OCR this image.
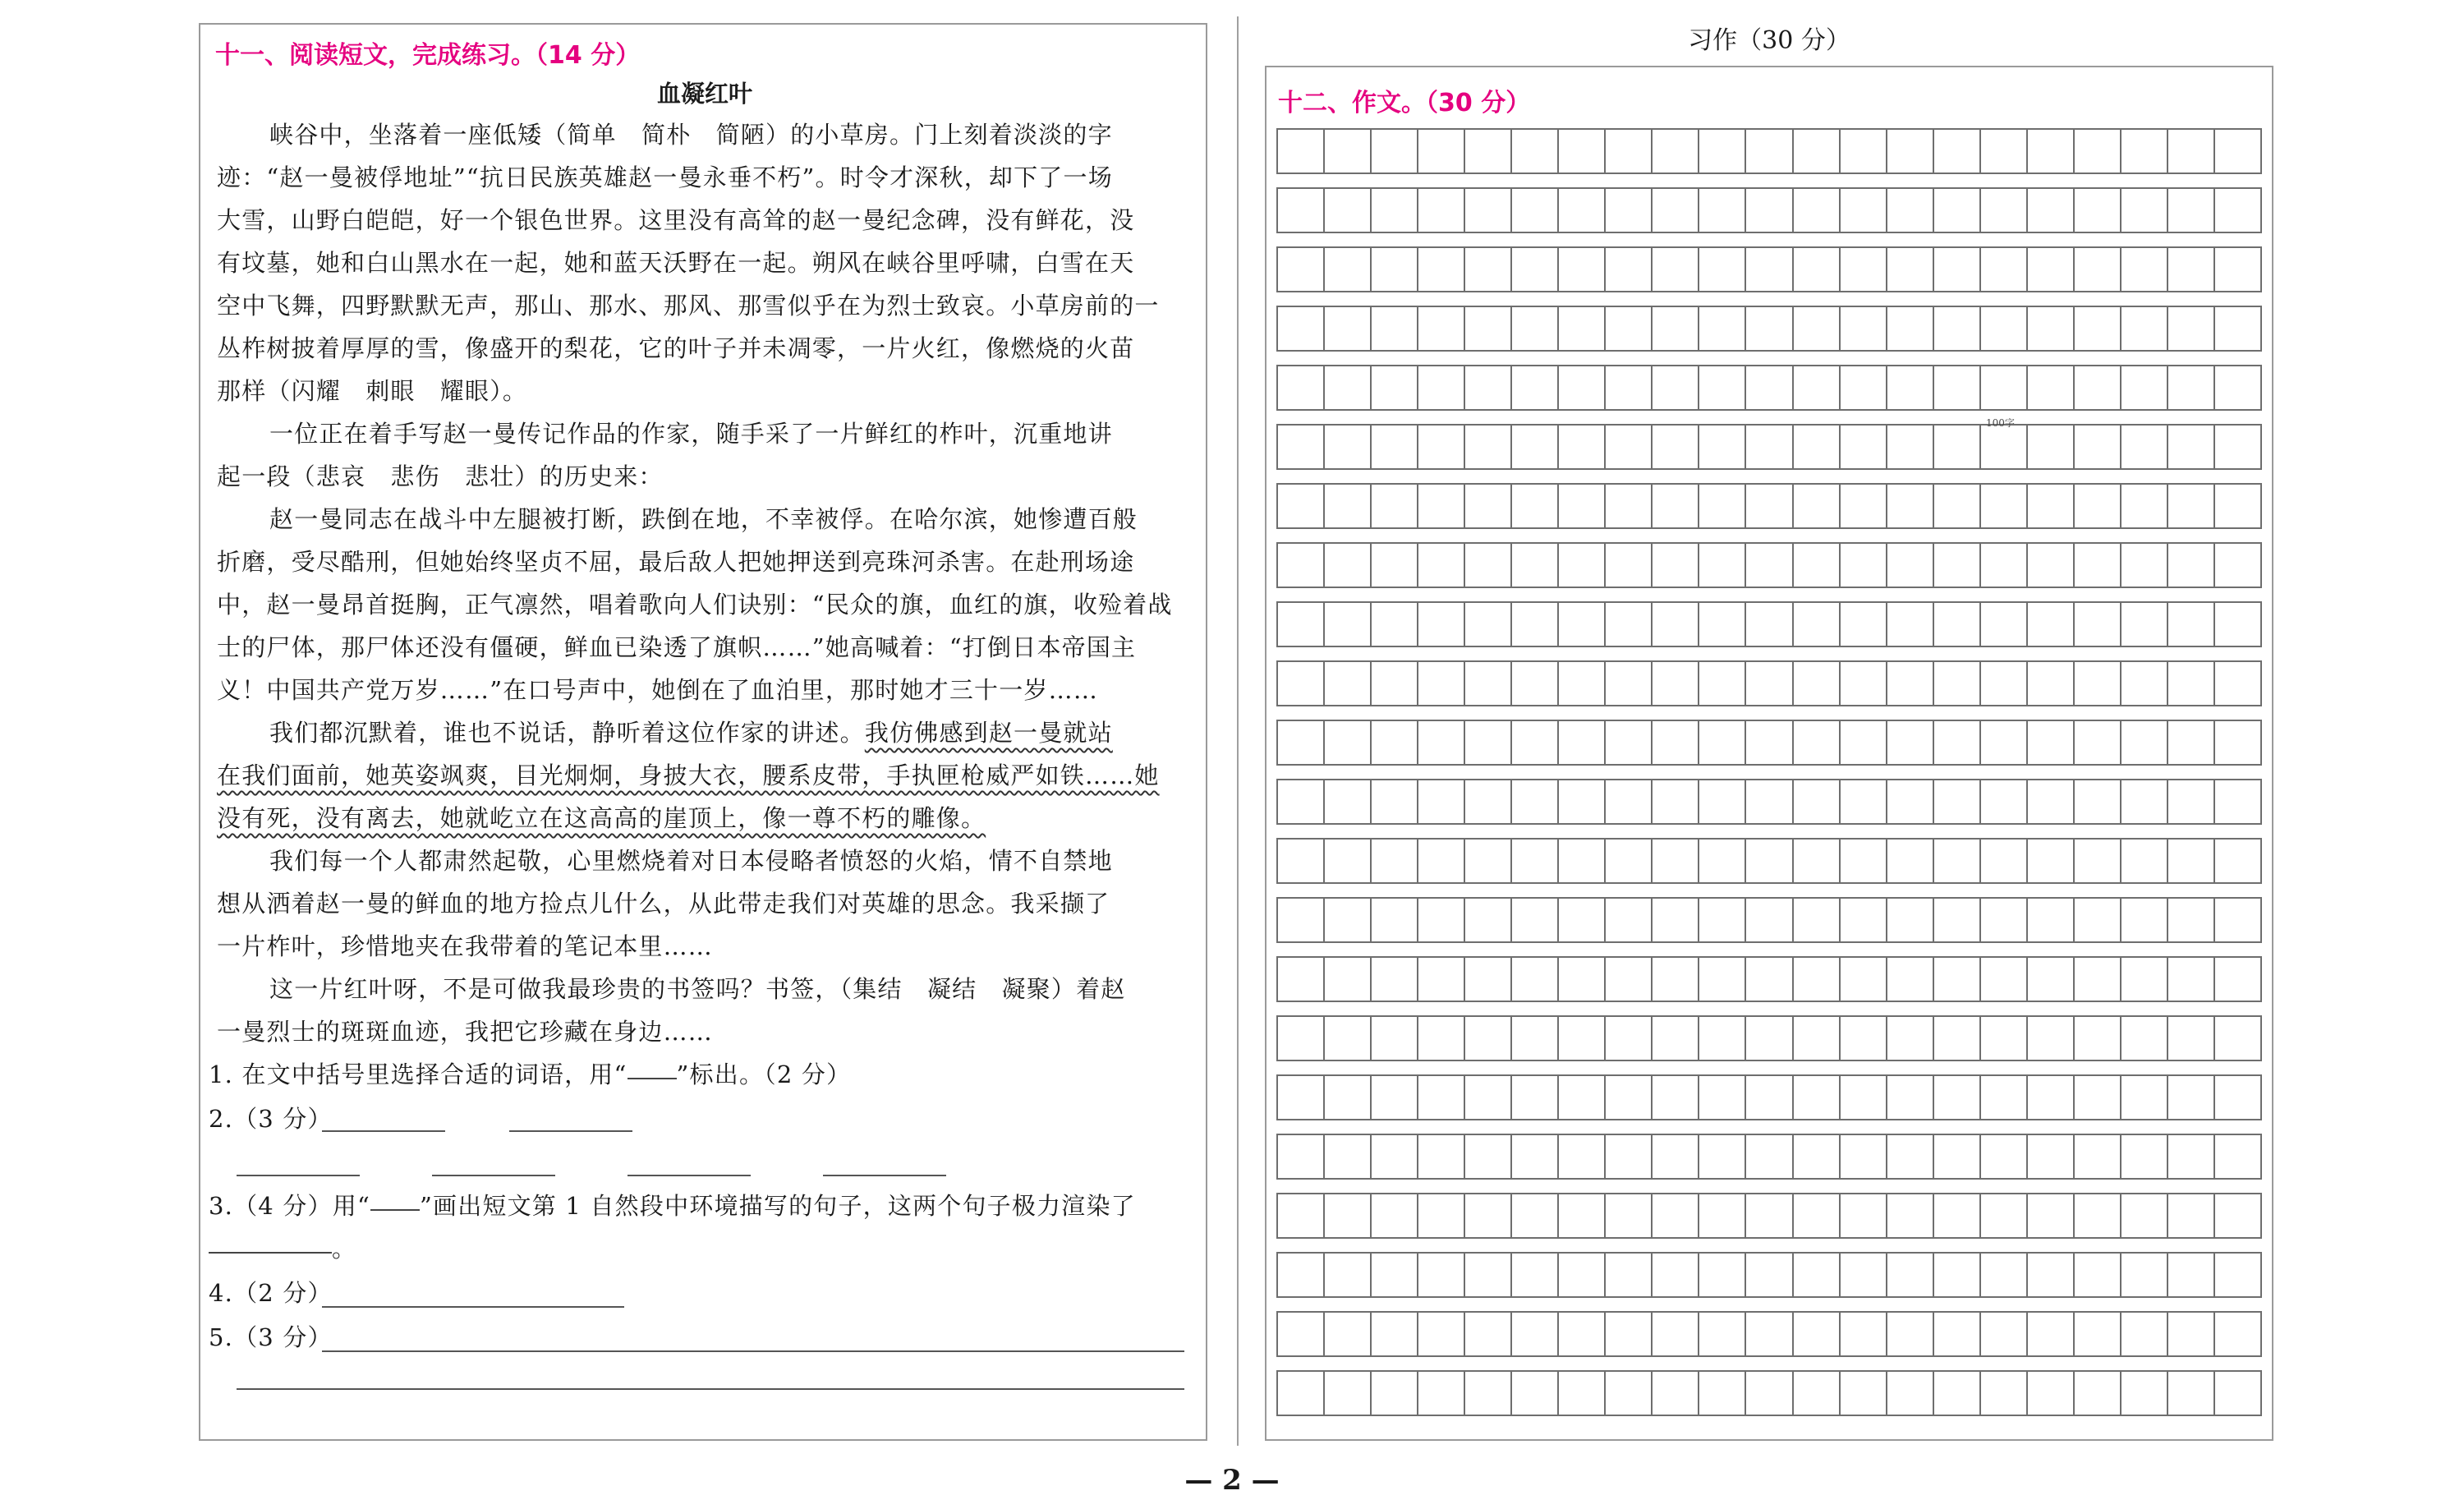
十一、阅读短文，完成练习。（14 分）
血凝红叶
峡谷中，坐落着一座低矮（简单　简朴　简陋）的小草房。门上刻着淡淡的字
迹：“赵一曼被俘地址”“抗日民族英雄赵一曼永垂不朽”。时令才深秋，却下了一场
大雪，山野白皑皑，好一个银色世界。这里没有高耸的赵一曼纪念碑，没有鲜花，没
有坟墓，她和白山黑水在一起，她和蓝天沃野在一起。朔风在峡谷里呼啸，白雪在天
空中飞舞，四野默默无声，那山、那水、那风、那雪似乎在为烈士致哀。小草房前的一
丛柞树披着厚厚的雪，像盛开的梨花，它的叶子并未凋零，一片火红，像燃烧的火苗
那样（闪耀　刺眼　耀眼）。
一位正在着手写赵一曼传记作品的作家，随手采了一片鲜红的柞叶，沉重地讲
起一段（悲哀　悲伤　悲壮）的历史来：
赵一曼同志在战斗中左腿被打断，跌倒在地，不幸被俘。在哈尔滨，她惨遭百般
折磨，受尽酷刑，但她始终坚贞不屈，最后敌人把她押送到亮珠河杀害。在赴刑场途
中，赵一曼昂首挺胸，正气凛然，唱着歌向人们诀别：“民众的旗，血红的旗，收殓着战
士的尸体，那尸体还没有僵硬，鲜血已染透了旗帜……”她高喊着：“打倒日本帝国主
义！中国共产党万岁……”在口号声中，她倒在了血泊里，那时她才三十一岁……
我们都沉默着，谁也不说话，静听着这位作家的讲述。我仿佛感到赵一曼就站
在我们面前，她英姿飒爽，目光炯炯，身披大衣，腰系皮带，手执匣枪威严如铁……她
没有死，没有离去，她就屹立在这高高的崖顶上，像一尊不朽的雕像。
我们每一个人都肃然起敬，心里燃烧着对日本侵略者愤怒的火焰，情不自禁地
想从洒着赵一曼的鲜血的地方捡点儿什么，从此带走我们对英雄的思念。我采撷了
一片柞叶，珍惜地夹在我带着的笔记本里……
这一片红叶呀，不是可做我最珍贵的书签吗？书签，（集结　凝结　凝聚）着赵
一曼烈士的斑斑血迹，我把它珍藏在身边……
1. 在文中括号里选择合适的词语，用“ ”标出。（2 分）
2.（3 分）
3.（4 分）用“ ”画出短文第 1 自然段中环境描写的句子，这两个句子极力渲染了
。
4.（2 分）
5.（3 分）
习作（30 分）
十二、作文。（30 分）
100字
— 2 —
